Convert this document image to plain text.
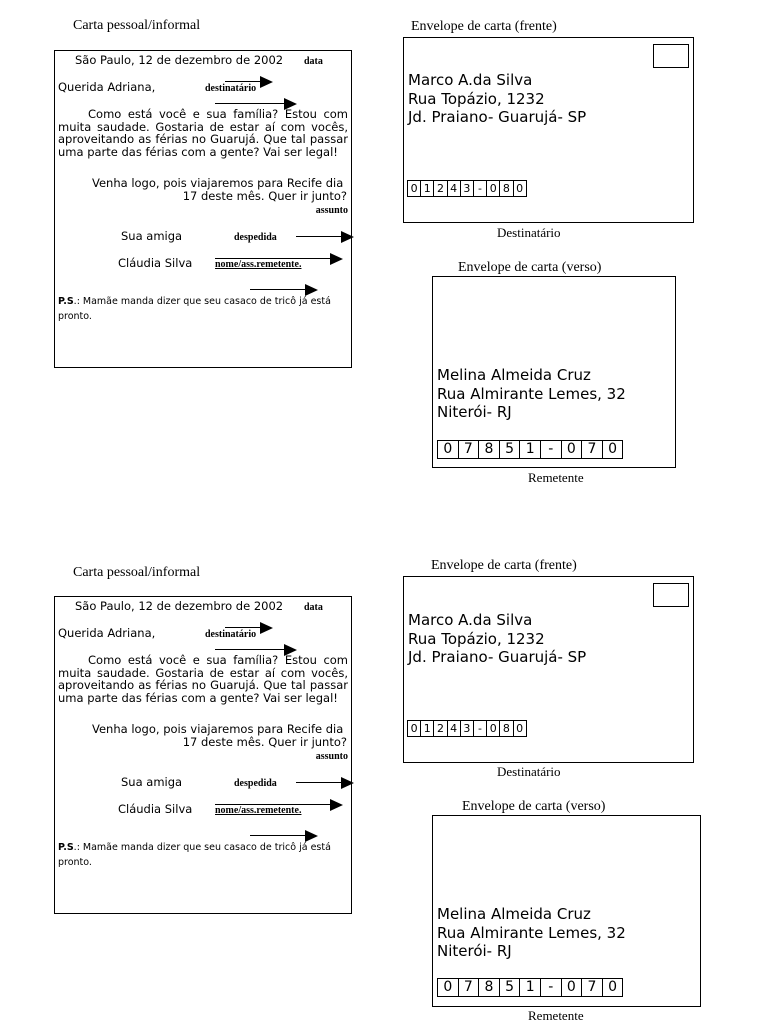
Carta pessoal/informal
São Paulo, 12 de dezembro de 2002 data
Querida Adriana,	destinatário

Como está você e sua família? Estou com muita saudade. Gostaria de estar aí com vocês, aproveitando as férias no Guarujá. Que tal passar uma parte das férias com a gente? Vai ser legal!

Venha logo, pois viajaremos para Recife dia
17 deste mês. Quer ir junto?
assunto
Sua amiga	despedida
Cláudia Silva nome/ass.remetente.
P.S.: Mamãe manda dizer que seu casaco de tricô já está pronto.
Envelope de carta (frente)
Marco A.da Silva
Rua Topázio, 1232
Jd. Praiano- Guarujá- SP
0 1 2 4 3 - 0 8 0
Destinatário
Envelope de carta (verso)
Melina Almeida Cruz
Rua Almirante Lemes, 32
Niterói- RJ
0 7 8 5 1 - 0 7 0
Remetente
Carta pessoal/informal
São Paulo, 12 de dezembro de 2002 data
Querida Adriana,	destinatário

Como está você e sua família? Estou com muita saudade. Gostaria de estar aí com vocês, aproveitando as férias no Guarujá. Que tal passar uma parte das férias com a gente? Vai ser legal!

Venha logo, pois viajaremos para Recife dia
17 deste mês. Quer ir junto?
assunto
Sua amiga	despedida
Cláudia Silva nome/ass.remetente.
P.S.: Mamãe manda dizer que seu casaco de tricô já está pronto.
Envelope de carta (frente)
Marco A.da Silva
Rua Topázio, 1232
Jd. Praiano- Guarujá- SP
0 1 2 4 3 - 0 8 0
Destinatário
Envelope de carta (verso)
Melina Almeida Cruz
Rua Almirante Lemes, 32
Niterói- RJ
0 7 8 5 1 - 0 7 0
Remetente
